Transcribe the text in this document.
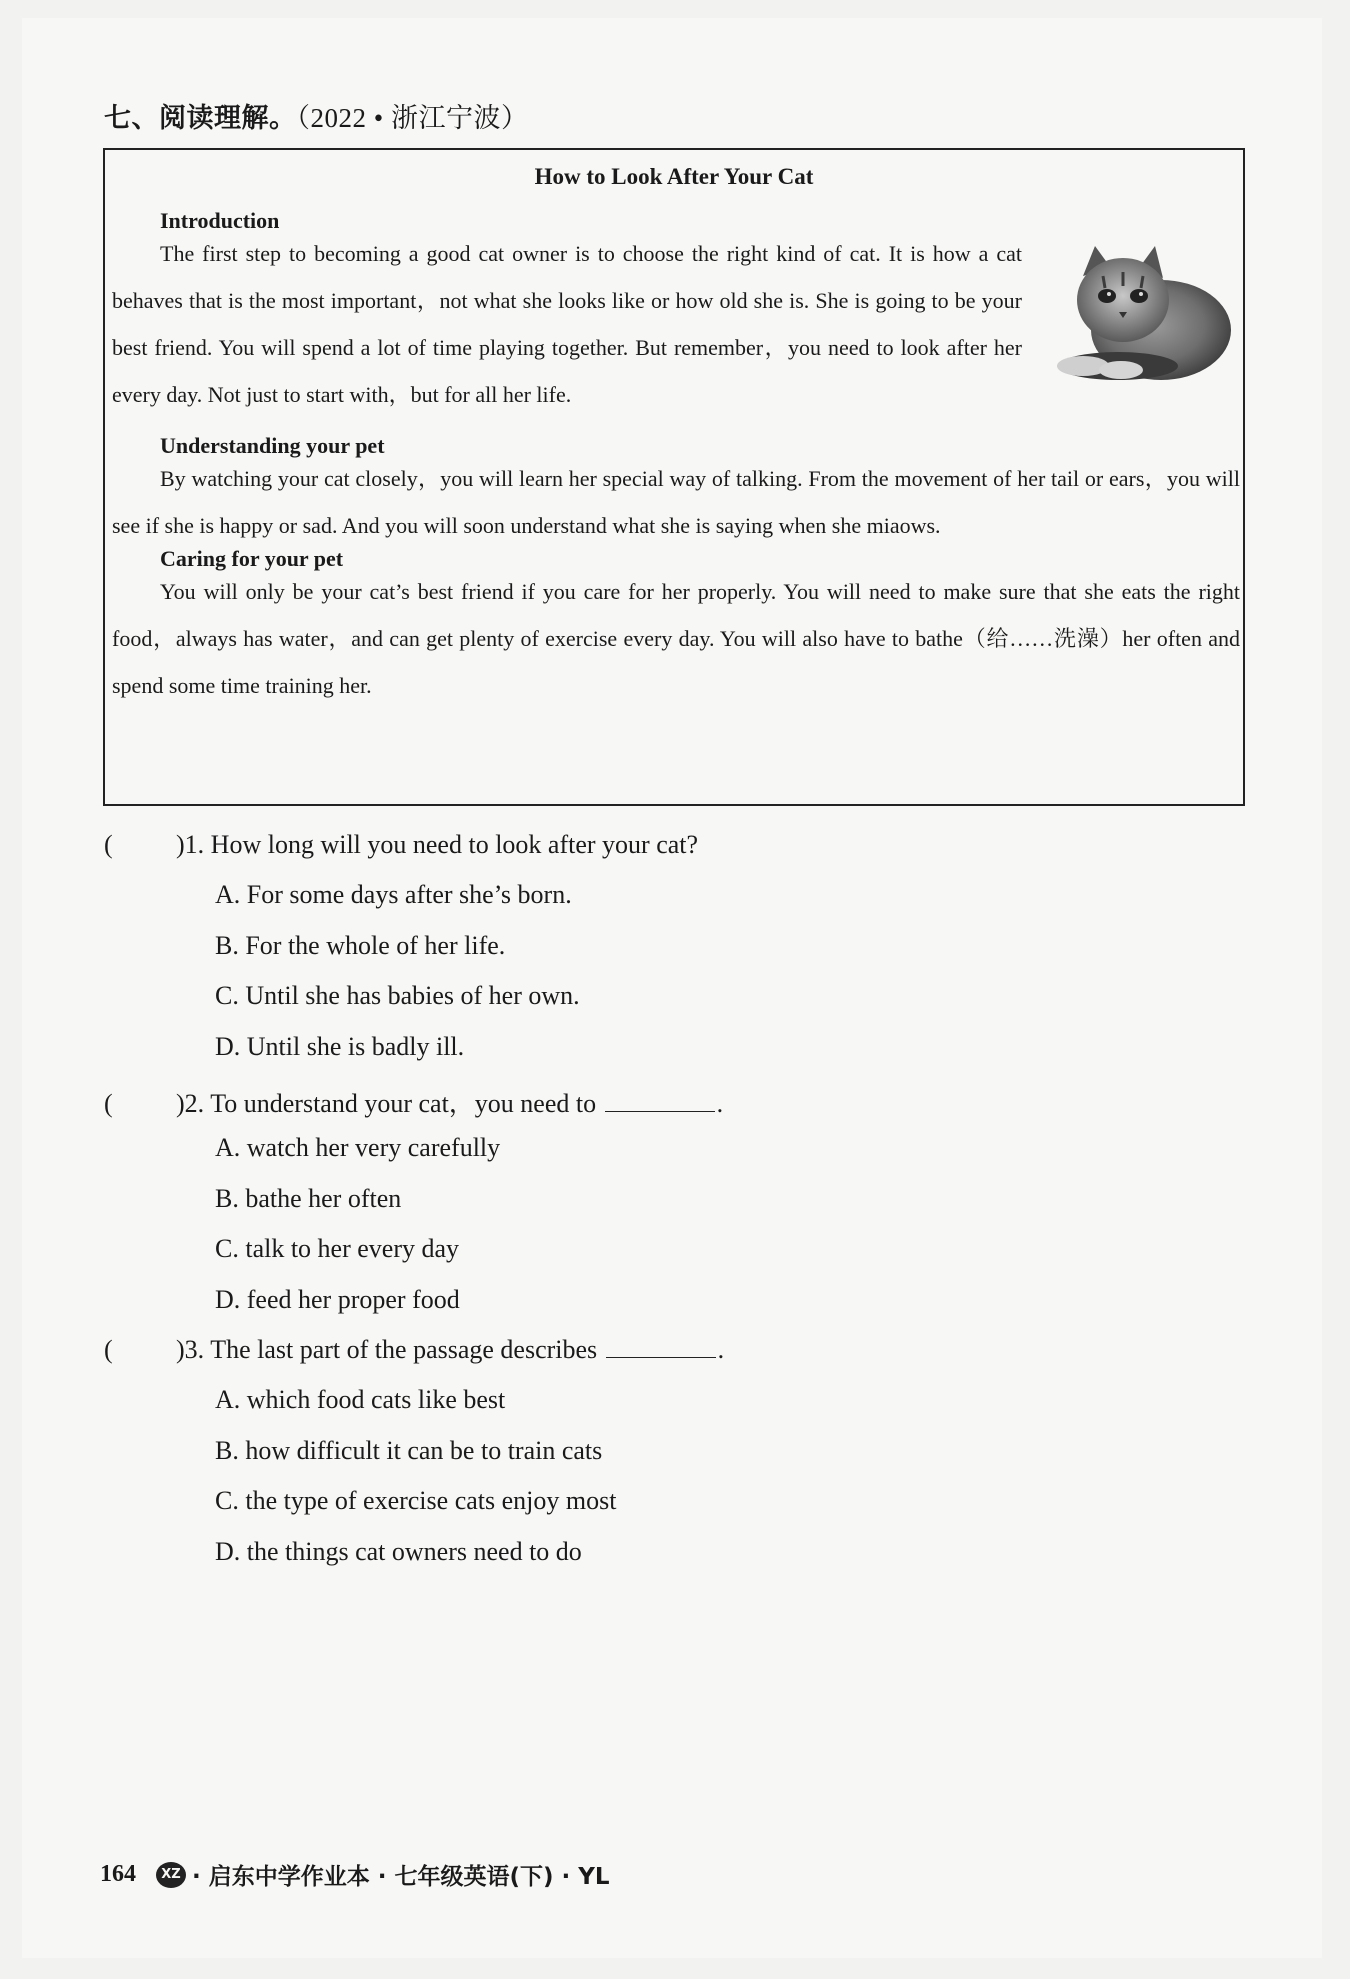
七、阅读理解。（2022 • 浙江宁波）
How to Look After Your Cat
Introduction

The first step to becoming a good cat owner is to choose the right kind of cat. It is how a cat behaves that is the most important，not what she looks like or how old she is. She is going to be your best friend. You will spend a lot of time playing together. But remember，you need to look after her every day. Not just to start with，but for all her life.

Understanding your pet

By watching your cat closely，you will learn her special way of talking. From the movement of her tail or ears，you will see if she is happy or sad. And you will soon understand what she is saying when she miaows.

Caring for your pet

You will only be your cat’s best friend if you care for her properly. You will need to make sure that she eats the right food，always has water，and can get plenty of exercise every day. You will also have to bathe（给……洗澡）her often and spend some time training her.

( )1. How long will you need to look after your cat?
A. For some days after she’s born.
B. For the whole of her life.
C. Until she has babies of her own.
D. Until she is badly ill.
( )2. To understand your cat，you need to	.
A. watch her very carefully
B. bathe her often
C. talk to her every day
D. feed her proper food
( )3. The last part of the passage describes	.
A. which food cats like best
B. how difficult it can be to train cats
C. the type of exercise cats enjoy most
D. the things cat owners need to do
164	XZ · 启东中学作业本 · 七年级英语(下) · YL
